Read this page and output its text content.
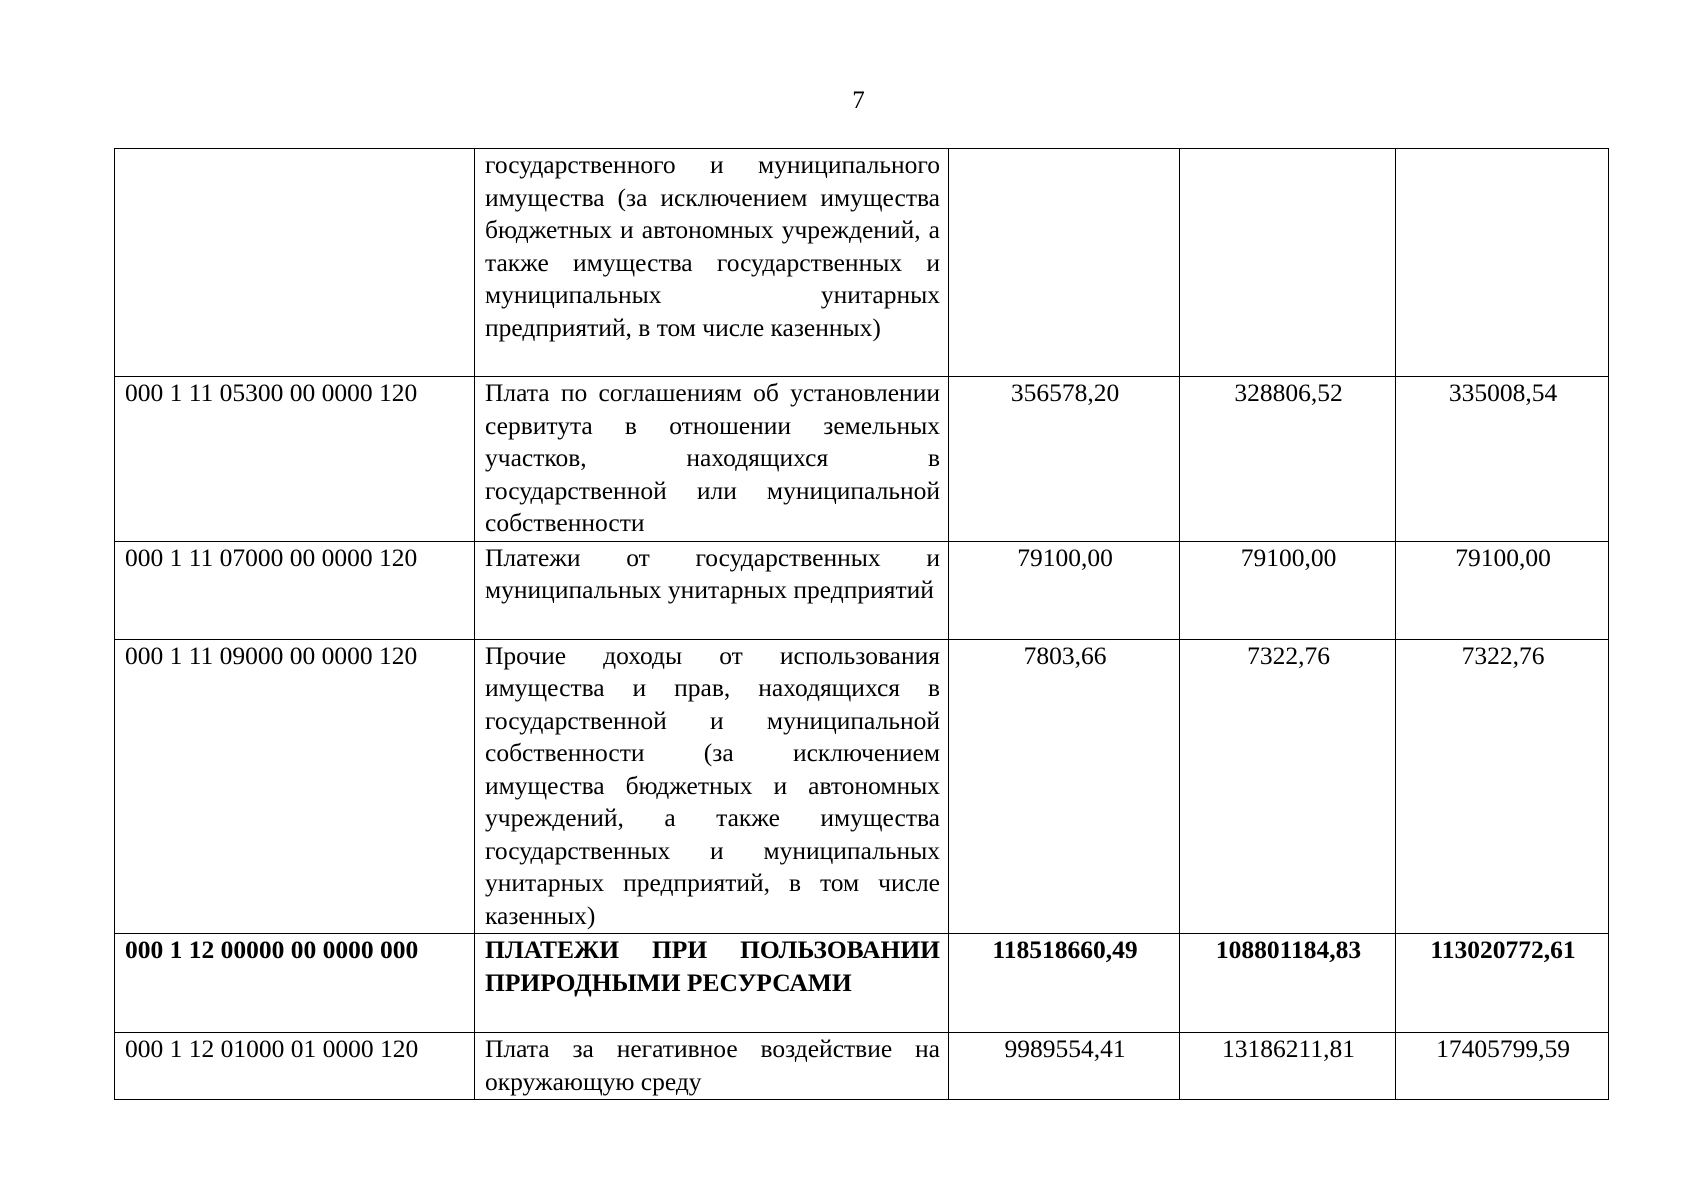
7
	государственного и муниципального имущества (за исключением имущества бюджетных и автономных учреждений, а также имущества государственных и муниципальных унитарных предприятий, в том числе казенных)			
000 1 11 05300 00 0000 120	Плата по соглашениям об установлении сервитута в отношении земельных участков, находящихся в государственной или муниципальной собственности	356578,20	328806,52	335008,54
000 1 11 07000 00 0000 120	Платежи от государственных и муниципальных унитарных предприятий	79100,00	79100,00	79100,00
000 1 11 09000 00 0000 120	Прочие доходы от использования имущества и прав, находящихся в государственной и муниципальной собственности (за исключением имущества бюджетных и автономных учреждений, а также имущества государственных и муниципальных унитарных предприятий, в том числе казенных)	7803,66	7322,76	7322,76
000 1 12 00000 00 0000 000	ПЛАТЕЖИ ПРИ ПОЛЬЗОВАНИИ ПРИРОДНЫМИ РЕСУРСАМИ	118518660,49	108801184,83	113020772,61
000 1 12 01000 01 0000 120	Плата за негативное воздействие на окружающую среду	9989554,41	13186211,81	17405799,59
